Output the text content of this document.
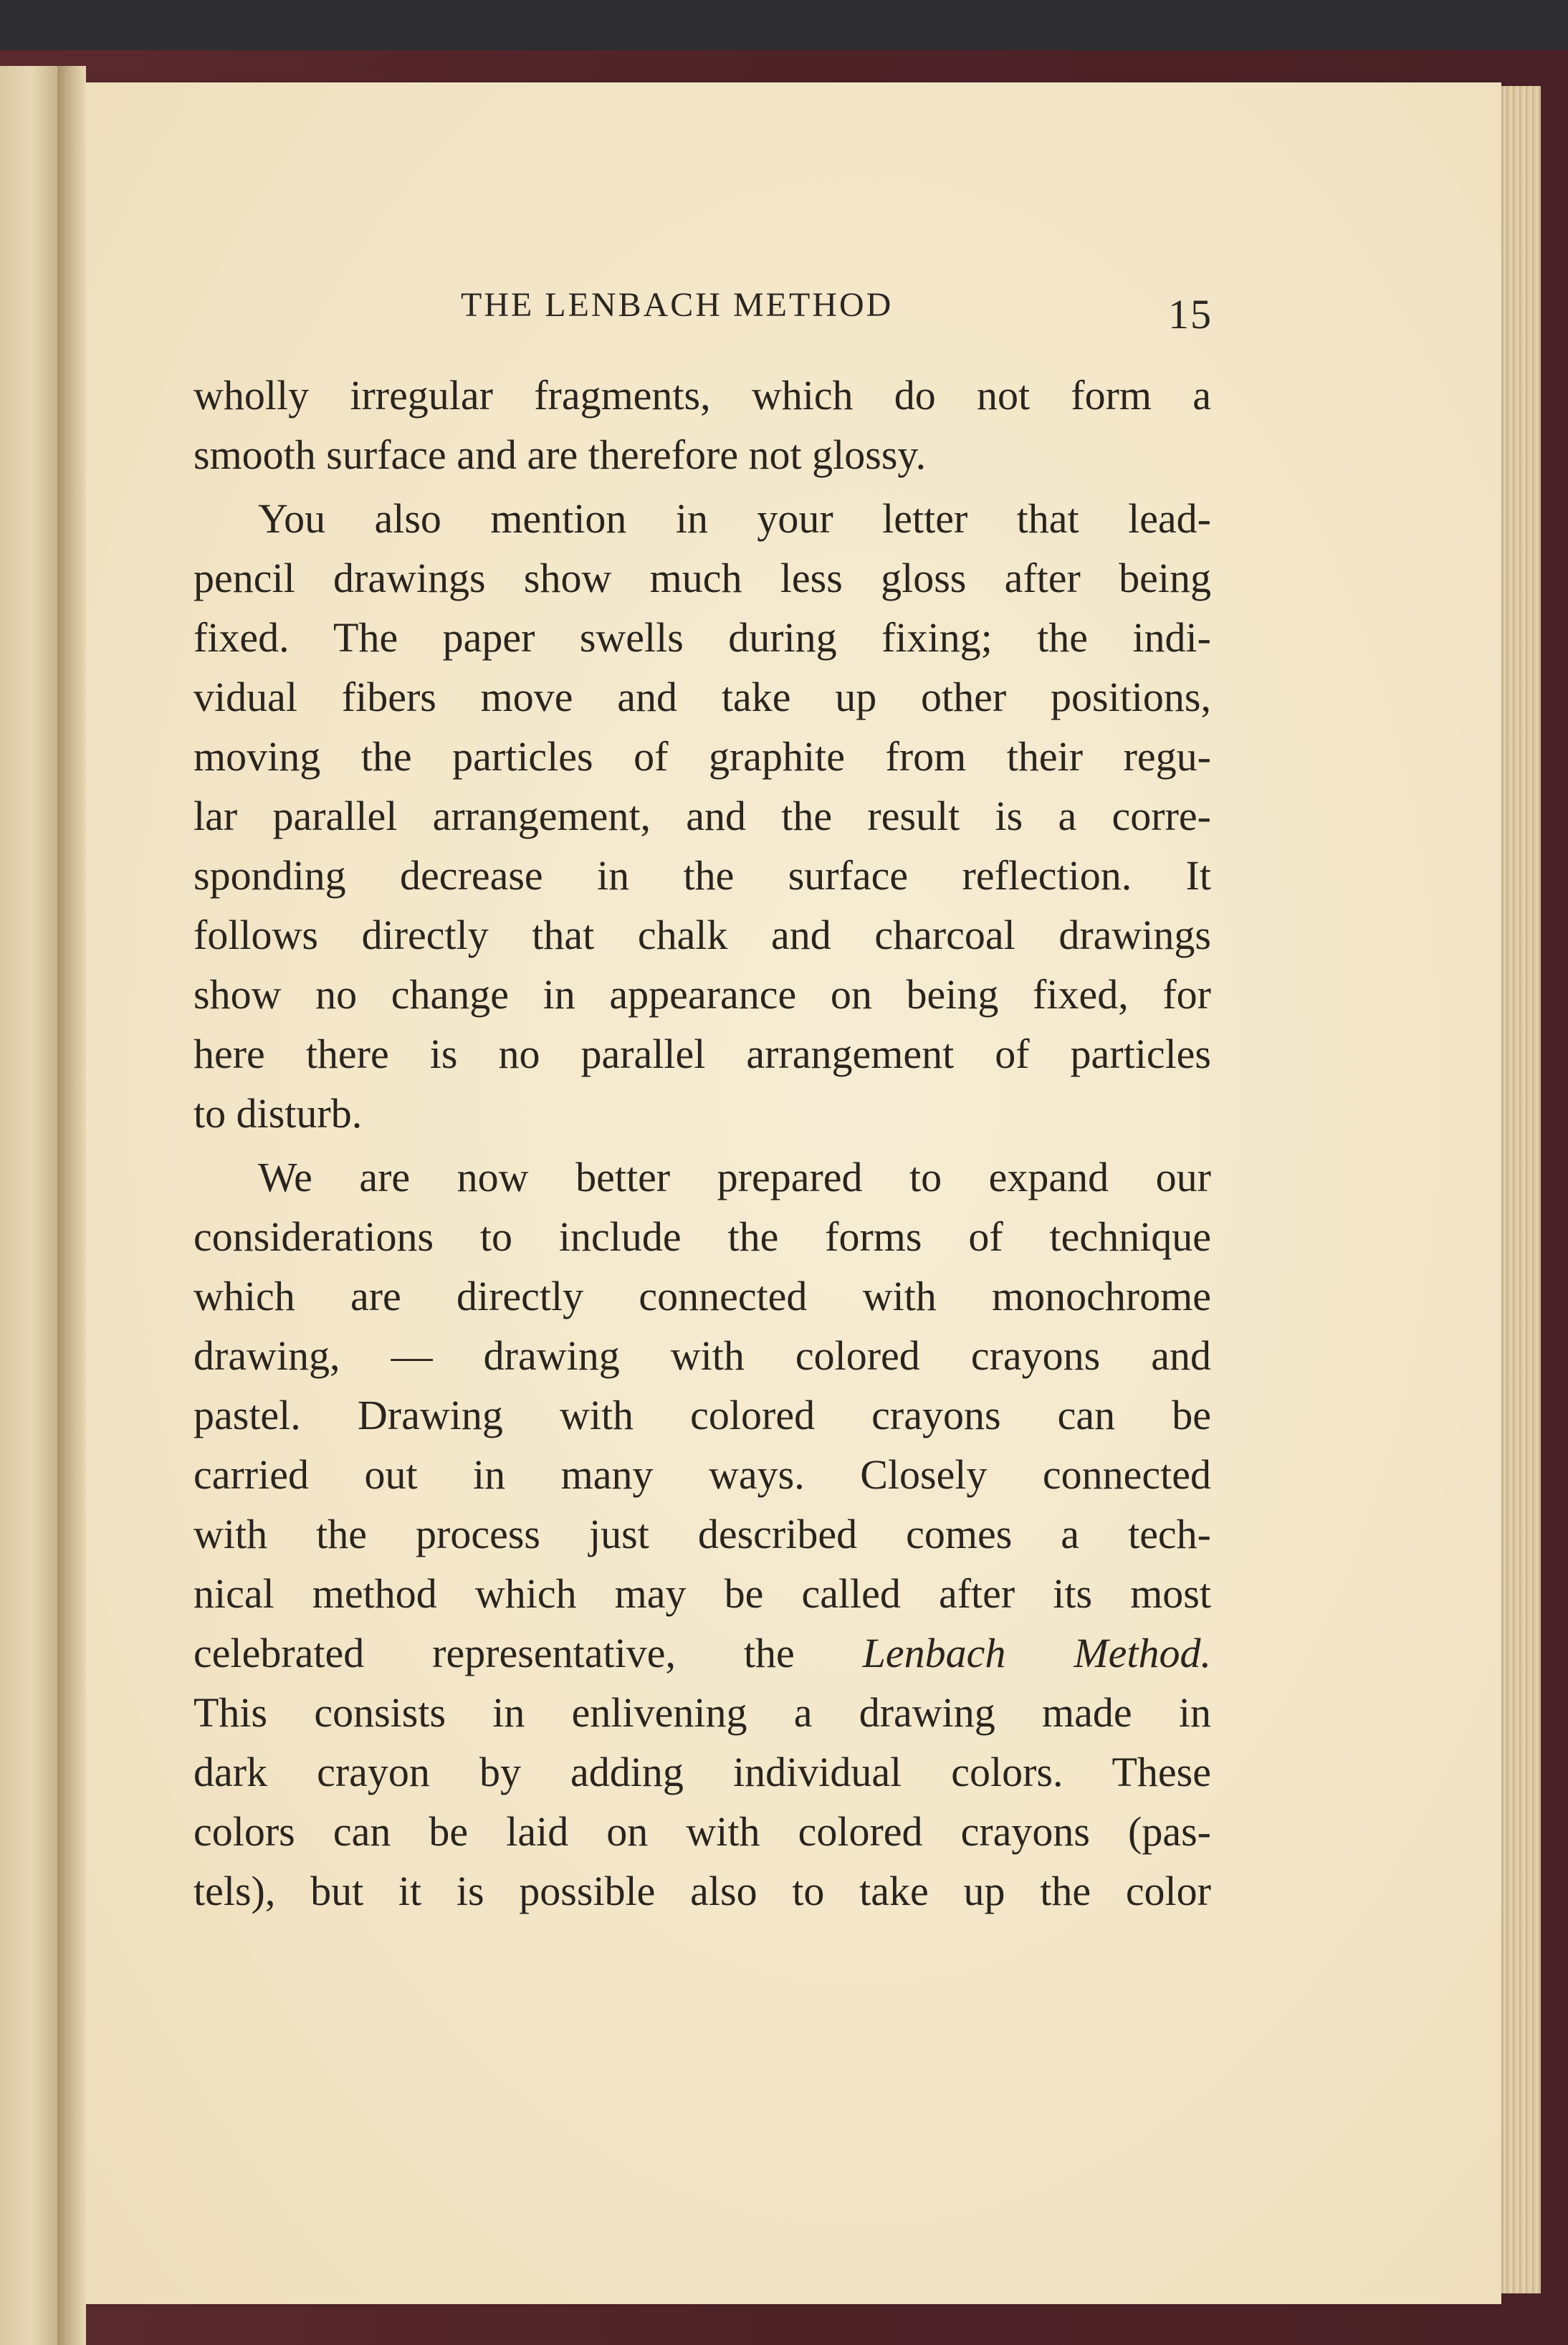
THE LENBACH METHOD	15
wholly irregular fragments, which do not form a
smooth surface and are therefore not glossy.
You also mention in your letter that lead-
pencil drawings show much less gloss after being
fixed. The paper swells during fixing; the indi-
vidual fibers move and take up other positions,
moving the particles of graphite from their regu-
lar parallel arrangement, and the result is a corre-
sponding decrease in the surface reflection. It
follows directly that chalk and charcoal drawings
show no change in appearance on being fixed, for
here there is no parallel arrangement of particles
to disturb.
We are now better prepared to expand our
considerations to include the forms of technique
which are directly connected with monochrome
drawing, — drawing with colored crayons and
pastel. Drawing with colored crayons can be
carried out in many ways. Closely connected
with the process just described comes a tech-
nical method which may be called after its most
celebrated representative, the Lenbach Method.
This consists in enlivening a drawing made in
dark crayon by adding individual colors. These
colors can be laid on with colored crayons (pas-
tels), but it is possible also to take up the color
